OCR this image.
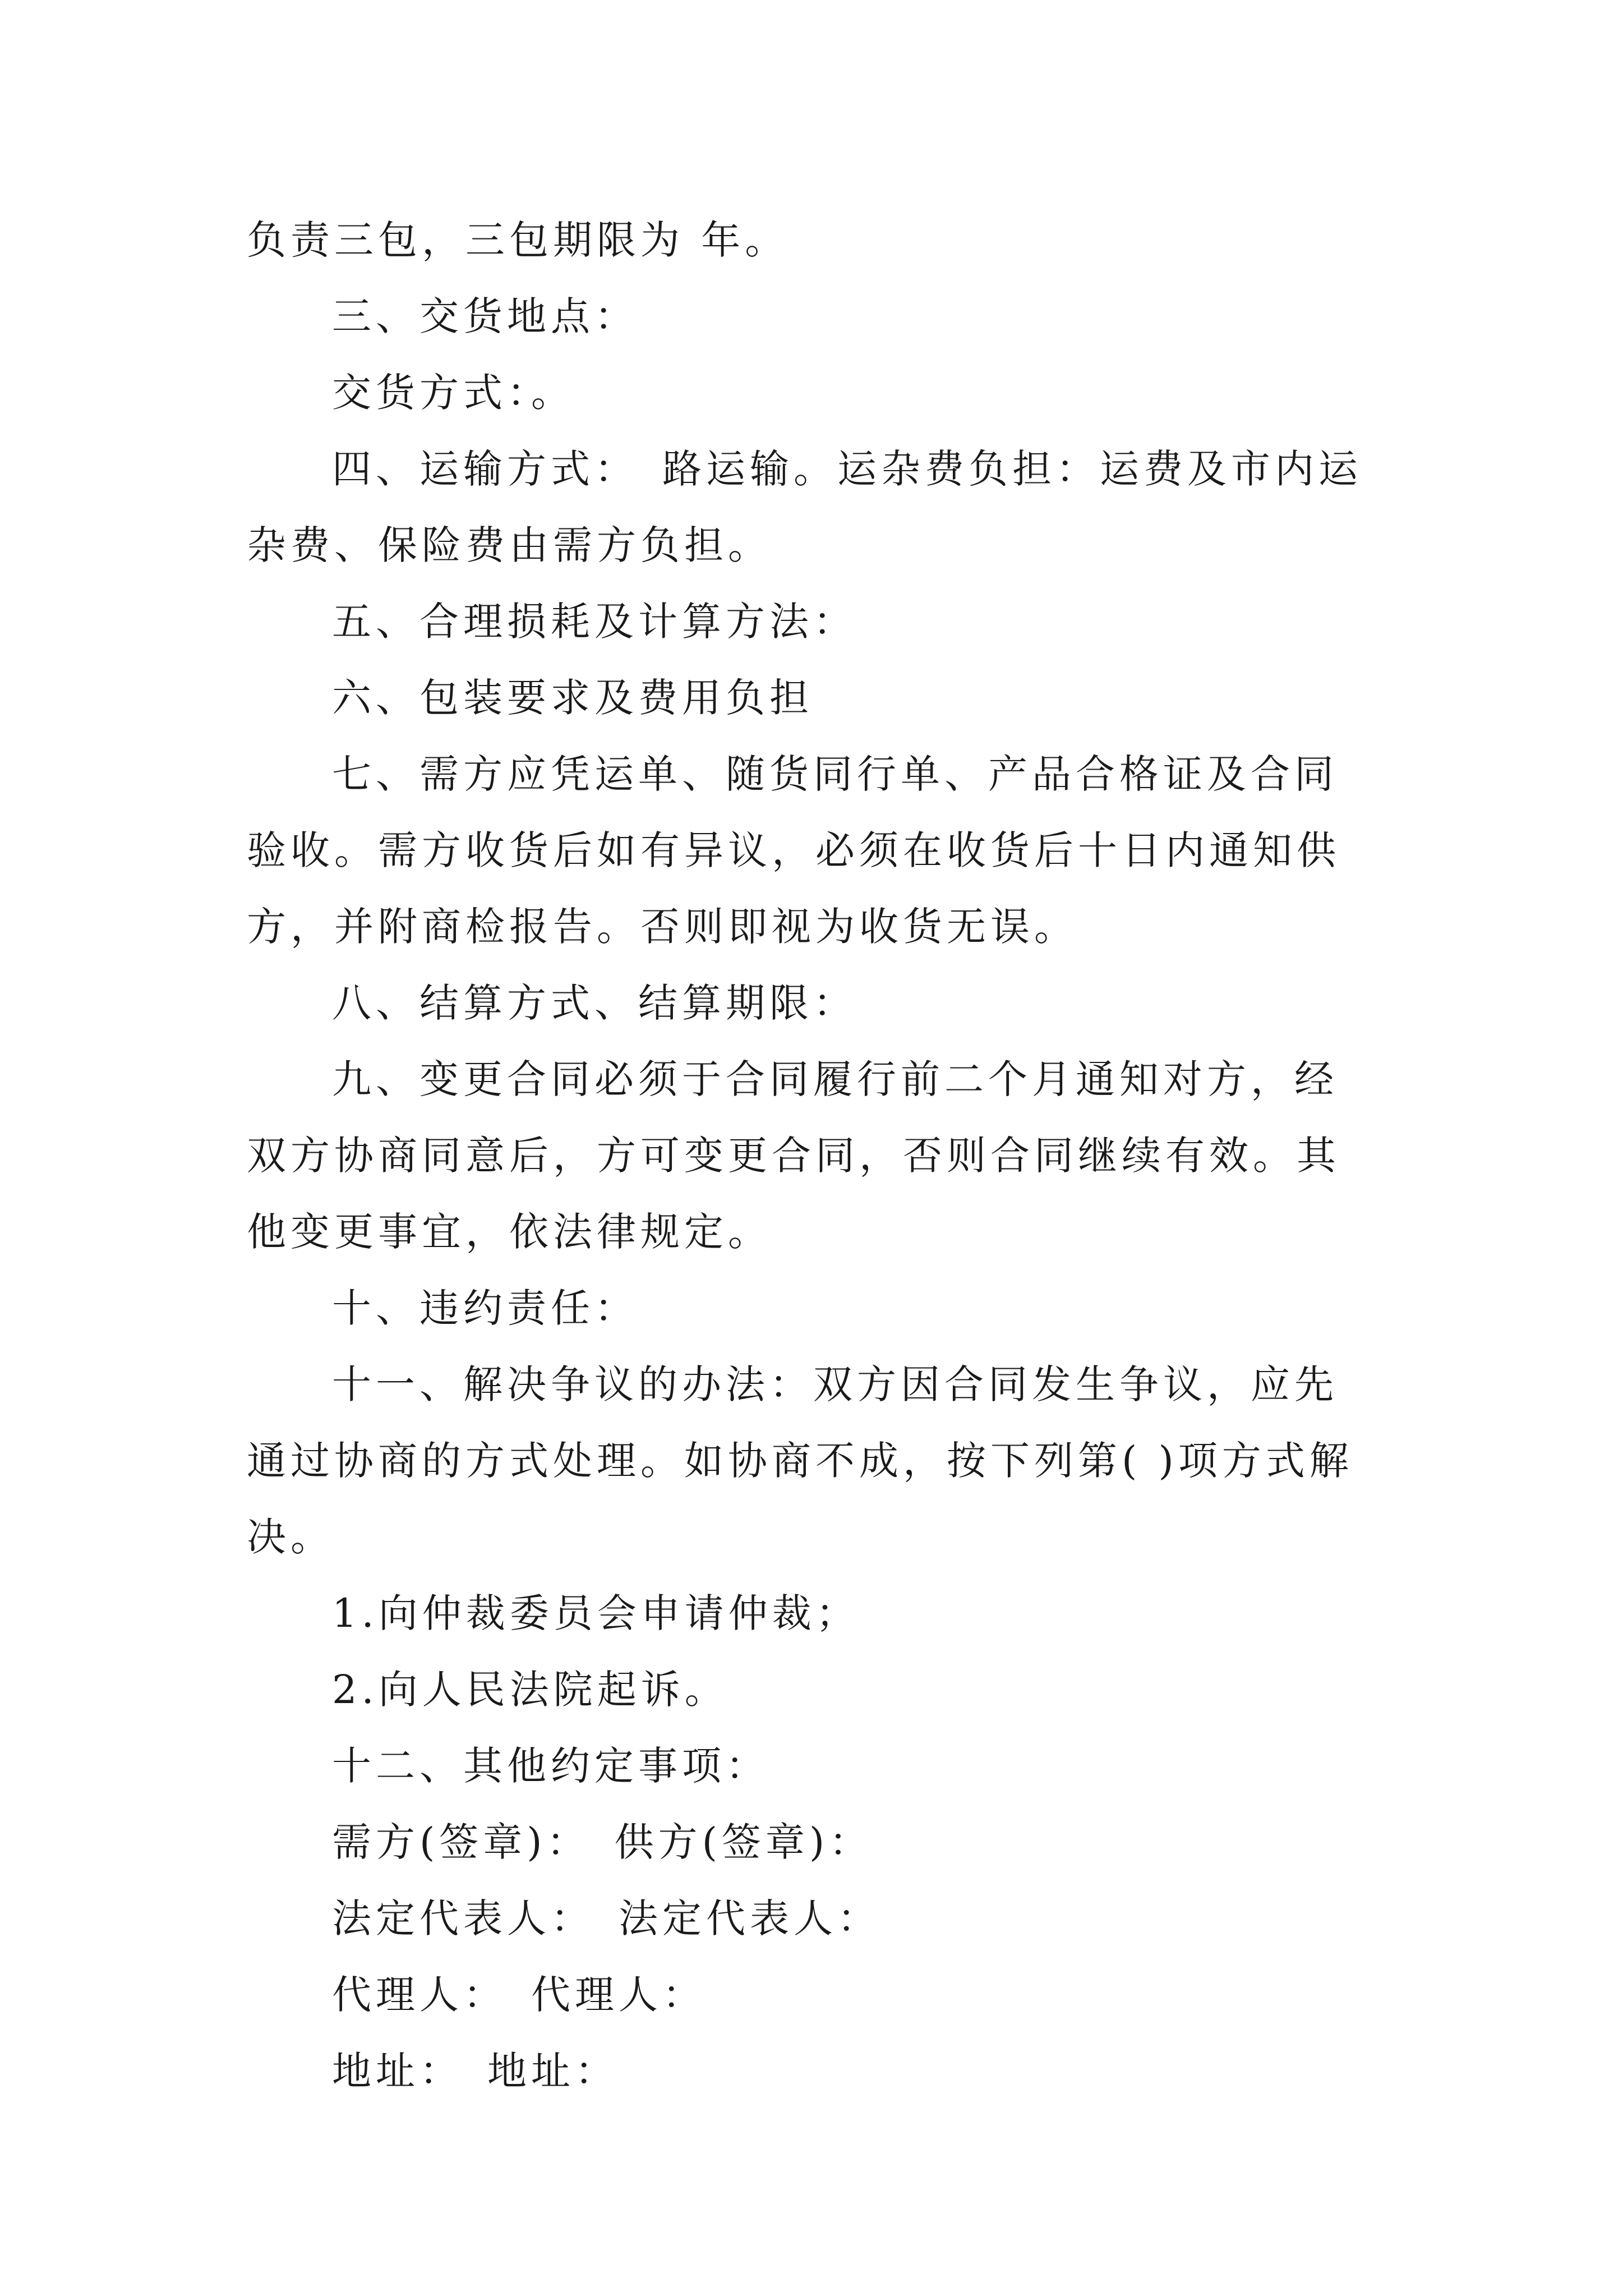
负责三包，三包期限为 年。

三、交货地点：

交货方式：。

四、运输方式：　路运输。运杂费负担：运费及市内运杂费、保险费由需方负担。

五、合理损耗及计算方法：

六、包装要求及费用负担

七、需方应凭运单、随货同行单、产品合格证及合同验收。需方收货后如有异议，必须在收货后十日内通知供方，并附商检报告。否则即视为收货无误。

八、结算方式、结算期限：

九、变更合同必须于合同履行前二个月通知对方，经双方协商同意后，方可变更合同，否则合同继续有效。其他变更事宜，依法律规定。

十、违约责任：

十一、解决争议的办法：双方因合同发生争议，应先通过协商的方式处理。如协商不成，按下列第( )项方式解决。

1.向仲裁委员会申请仲裁；

2.向人民法院起诉。

十二、其他约定事项：

需方(签章)：　供方(签章)：

法定代表人：　法定代表人：

代理人：　代理人：

地址：　地址：
